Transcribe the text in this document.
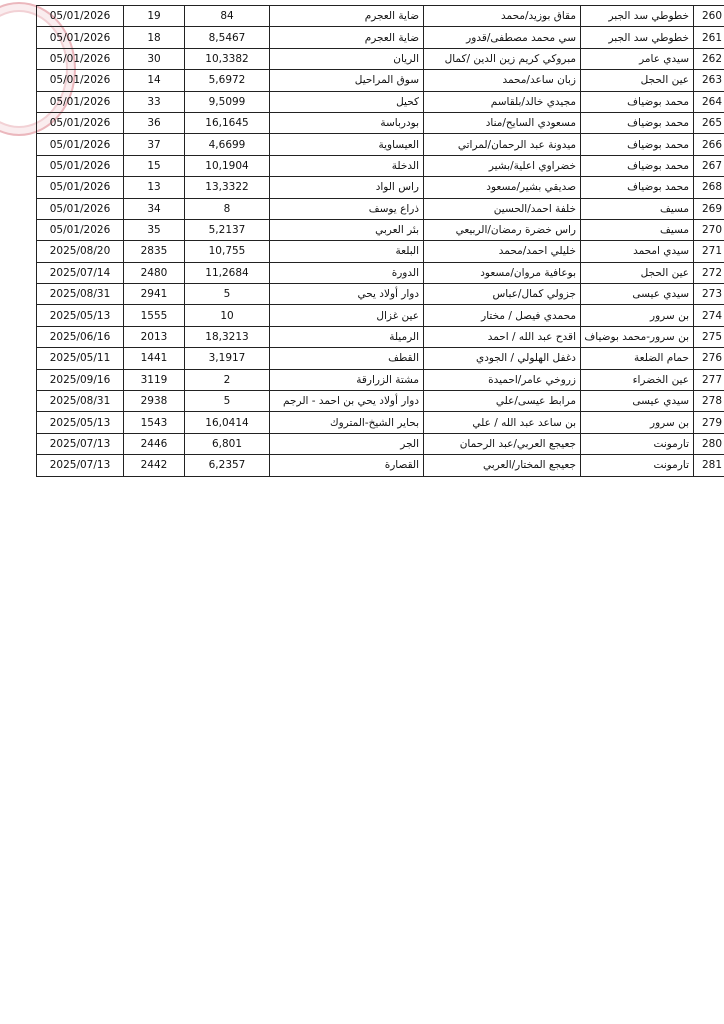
260	خطوطي سد الجبر	مقاق بوزيد/محمد	ضاية العجرم	84	19	05/01/2026
261	خطوطي سد الجبر	سي محمد مصطفى/قدور	ضاية العجرم	8,5467	18	05/01/2026
262	سيدي عامر	مبروكي كريم زين الدين /كمال	الريان	10,3382	30	05/01/2026
263	عين الحجل	زبان ساعد/محمد	سوق المراحيل	5,6972	14	05/01/2026
264	محمد بوضياف	مجيدي خالد/بلقاسم	كحيل	9,5099	33	05/01/2026
265	محمد بوضياف	مسعودي السايح/مناد	بودرباسة	16,1645	36	05/01/2026
266	محمد بوضياف	ميدونة عبد الرحمان/لمراتي	العيساوية	4,6699	37	05/01/2026
267	محمد بوضياف	خضراوي اعلية/بشير	الدخلة	10,1904	15	05/01/2026
268	محمد بوضياف	صديقي بشير/مسعود	راس الواد	13,3322	13	05/01/2026
269	مسيف	خلفة احمد/الحسين	ذراع يوسف	8	34	05/01/2026
270	مسيف	راس خضرة رمضان/الربيعي	بئر العربي	5,2137	35	05/01/2026
271	سيدي امحمد	خليلي احمد/محمد	البلعة	10,755	2835	2025/08/20
272	عين الحجل	بوعافية مروان/مسعود	الدورة	11,2684	2480	2025/07/14
273	سيدي عيسى	جزولي كمال/عباس	دوار أولاد يحي	5	2941	2025/08/31
274	بن سرور	محمدي فيصل / مختار	عين غزال	10	1555	2025/05/13
275	بن سرور-محمد بوضياف	اقدح عبد الله / احمد	الرميلة	18,3213	2013	2025/06/16
276	حمام الضلعة	دغفل الهلولي / الجودي	القطف	3,1917	1441	2025/05/11
277	عين الخضراء	زروخي عامر/احميدة	مشتة الزرارقة	2	3119	2025/09/16
278	سيدي عيسى	مرابط عيسى/علي	دوار أولاد يحي بن احمد - الرجم	5	2938	2025/08/31
279	بن سرور	بن ساعد عبد الله / علي	بحاير الشيخ-المتروك	16,0414	1543	2025/05/13
280	تارمونت	جعيجع العربي/عبد الرحمان	الجر	6,801	2446	2025/07/13
281	تارمونت	جعيجع المختار/العربي	القصارة	6,2357	2442	2025/07/13
